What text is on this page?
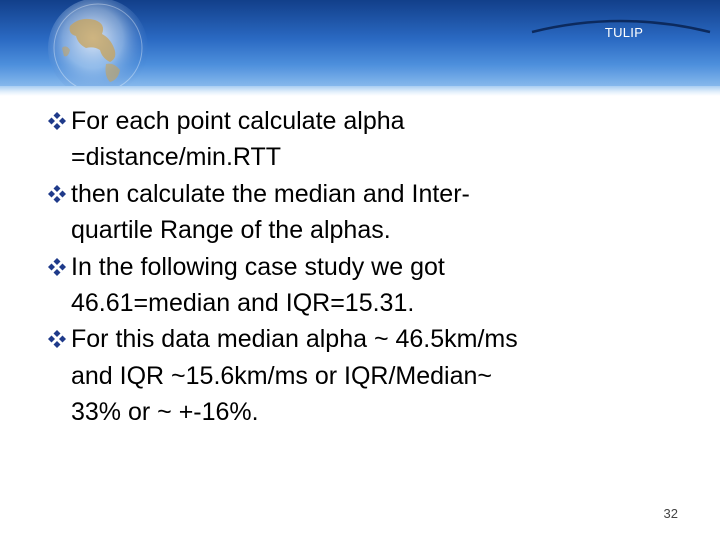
TULIP
For each point calculate alpha
=distance/min.RTT
then calculate the median and Inter-
quartile Range of the alphas.
In the following case study we got
46.61=median and IQR=15.31.
For this data median alpha ~ 46.5km/ms
and IQR ~15.6km/ms or IQR/Median~
33% or ~ +-16%.
32
